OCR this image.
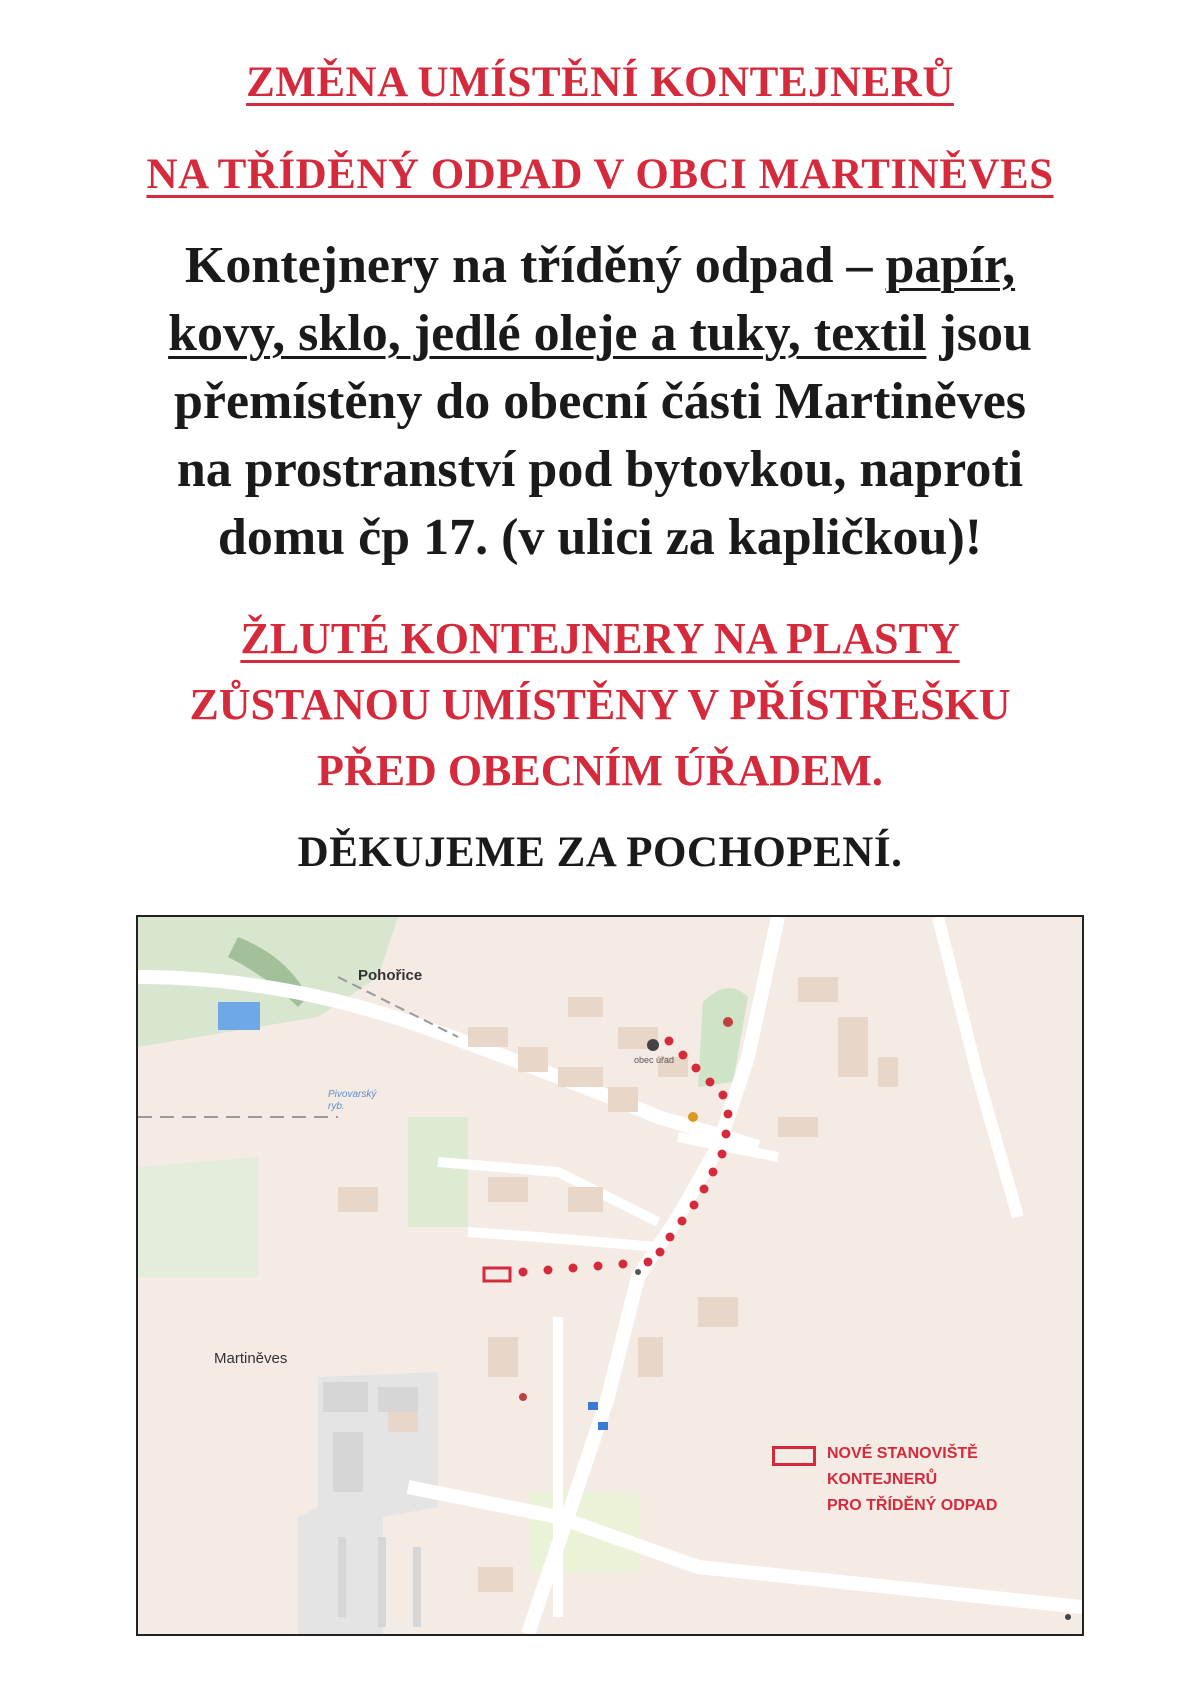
ZMĚNA UMÍSTĚNÍ KONTEJNERŮ
NA TŘÍDĚNÝ ODPAD V OBCI MARTINĚVES

Kontejnery na tříděný odpad – papír,
kovy, sklo, jedlé oleje a tuky, textil jsou
přemístěny do obecní části Martiněves
na prostranství pod bytovkou, naproti
domu čp 17. (v ulici za kapličkou)!

ŽLUTÉ KONTEJNERY NA PLASTY
ZŮSTANOU UMÍSTĚNY V PŘÍSTŘEŠKU
PŘED OBECNÍM ÚŘADEM.

DĚKUJEME ZA POCHOPENÍ.

Pohořice
Martiněves
Pivovarský
ryb.
obec úřad
NOVÉ STANOVIŠTĚ
KONTEJNERŮ
PRO TŘÍDĚNÝ ODPAD
